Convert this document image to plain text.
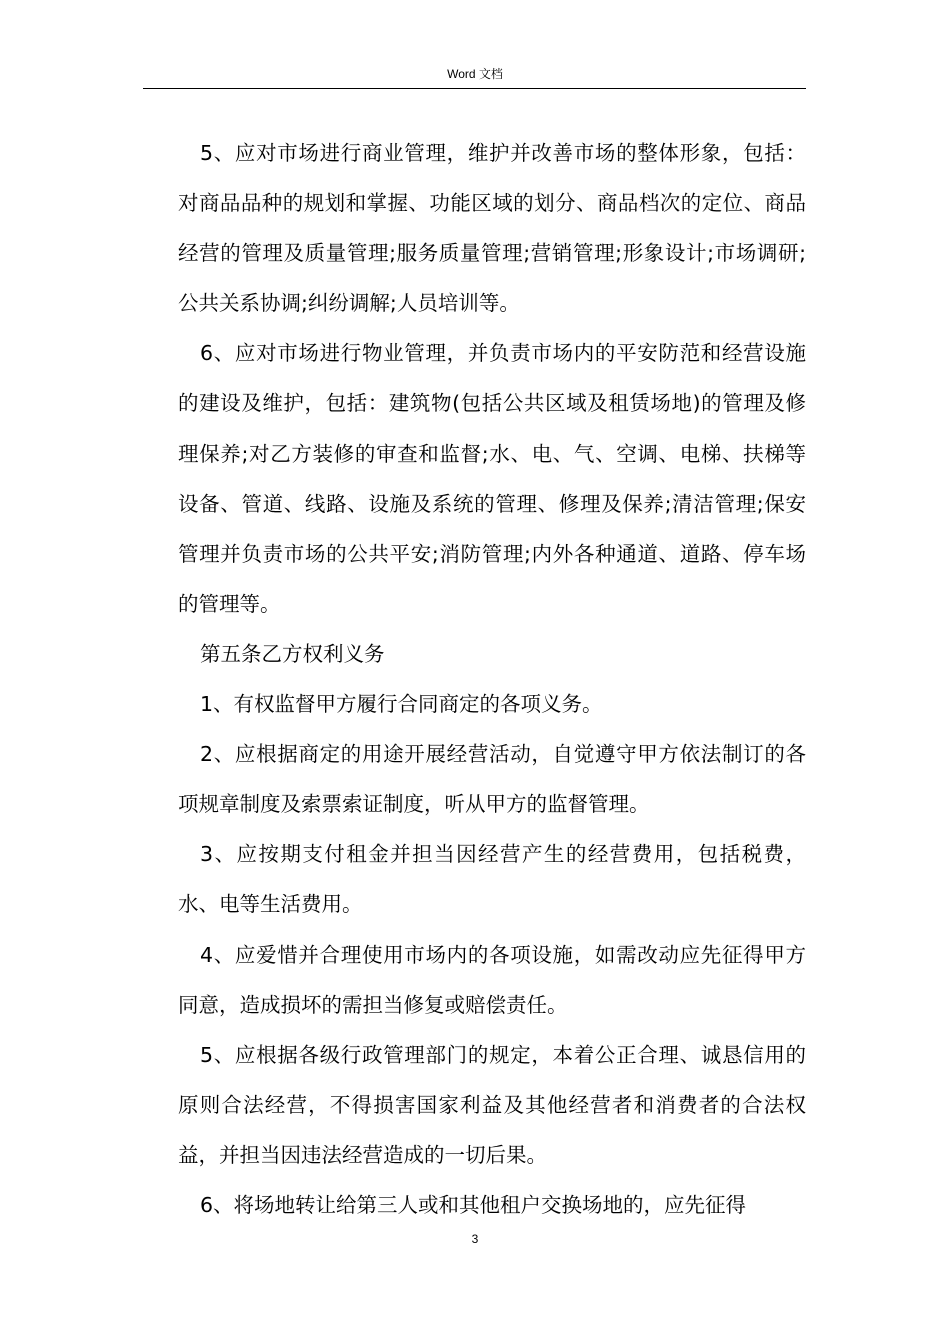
Word 文档

5、应对市场进行商业管理，维护并改善市场的整体形象，包括：对商品品种的规划和掌握、功能区域的划分、商品档次的定位、商品经营的管理及质量管理;服务质量管理;营销管理;形象设计;市场调研;公共关系协调;纠纷调解;人员培训等。

6、应对市场进行物业管理，并负责市场内的平安防范和经营设施的建设及维护，包括：建筑物(包括公共区域及租赁场地)的管理及修理保养;对乙方装修的审查和监督;水、电、气、空调、电梯、扶梯等设备、管道、线路、设施及系统的管理、修理及保养;清洁管理;保安管理并负责市场的公共平安;消防管理;内外各种通道、道路、停车场的管理等。

第五条乙方权利义务

1、有权监督甲方履行合同商定的各项义务。

2、应根据商定的用途开展经营活动，自觉遵守甲方依法制订的各项规章制度及索票索证制度，听从甲方的监督管理。

3、应按期支付租金并担当因经营产生的经营费用，包括税费，水、电等生活费用。

4、应爱惜并合理使用市场内的各项设施，如需改动应先征得甲方同意，造成损坏的需担当修复或赔偿责任。

5、应根据各级行政管理部门的规定，本着公正合理、诚恳信用的原则合法经营，不得损害国家利益及其他经营者和消费者的合法权益，并担当因违法经营造成的一切后果。

6、将场地转让给第三人或和其他租户交换场地的，应先征得

3
